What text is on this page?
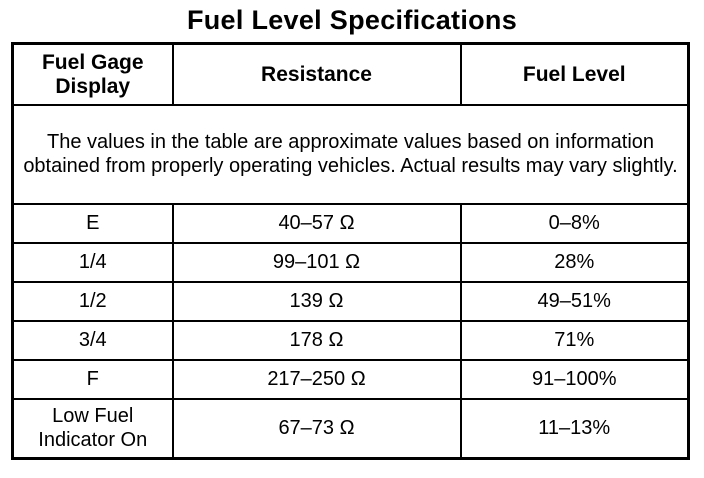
Fuel Level Specifications
Fuel Gage
Display	Resistance	Fuel Level
The values in the table are approximate values based on information obtained from properly operating vehicles. Actual results may vary slightly.		
E	40–57 Ω	0–8%
1/4	99–101 Ω	28%
1/2	139 Ω	49–51%
3/4	178 Ω	71%
F	217–250 Ω	91–100%
Low Fuel
Indicator On	67–73 Ω	11–13%
